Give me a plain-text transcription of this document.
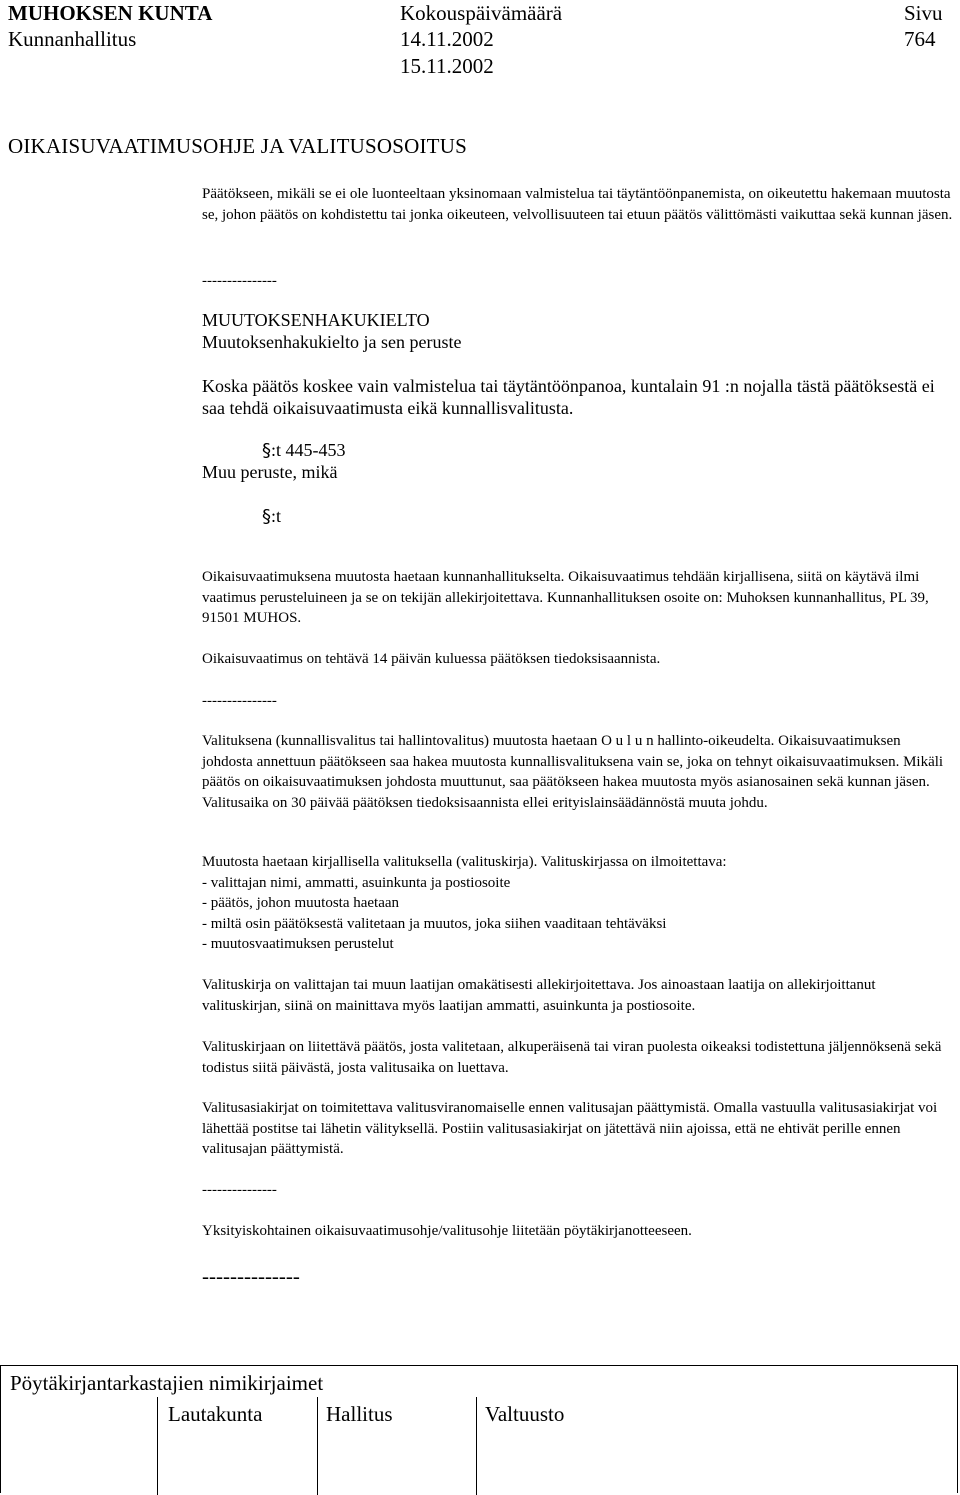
MUHOKSEN KUNTA
Kunnanhallitus
Kokouspäivämäärä
14.11.2002
15.11.2002
Sivu
764
OIKAISUVAATIMUSOHJE JA VALITUSOSOITUS

Päätökseen, mikäli se ei ole luonteeltaan yksinomaan valmistelua tai täytäntöönpanemista, on oikeutettu hakemaan muutosta se, johon päätös on kohdistettu tai jonka oikeuteen, velvollisuuteen tai etuun päätös välittömästi vaikuttaa sekä kunnan jäsen.

---------------
MUUTOKSENHAKUKIELTO
Muutoksenhakukielto ja sen peruste
Koska päätös koskee vain valmistelua tai täytäntöönpanoa, kuntalain 91 :n nojalla tästä päätöksestä ei saa tehdä oikaisuvaatimusta eikä kunnallisvalitusta.
§:t 445-453
Muu peruste, mikä
§:t

Oikaisuvaatimuksena muutosta haetaan kunnanhallitukselta. Oikaisuvaatimus tehdään kirjallisena, siitä on käytävä ilmi vaatimus perusteluineen ja se on tekijän allekirjoitettava. Kunnanhallituksen osoite on: Muhoksen kunnanhallitus, PL 39, 91501 MUHOS.

Oikaisuvaatimus on tehtävä 14 päivän kuluessa päätöksen tiedoksisaannista.

---------------

Valituksena (kunnallisvalitus tai hallintovalitus) muutosta haetaan O u l u n hallinto-oikeudelta. Oikaisuvaatimuksen johdosta annettuun päätökseen saa hakea muutosta kunnallisvalituksena vain se, joka on tehnyt oikaisuvaatimuksen. Mikäli päätös on oikaisuvaatimuksen johdosta muuttunut, saa päätökseen hakea muutosta myös asianosainen sekä kunnan jäsen. Valitusaika on 30 päivää päätöksen tiedoksisaannista ellei erityislainsäädännöstä muuta johdu.

Muutosta haetaan kirjallisella valituksella (valituskirja). Valituskirjassa on ilmoitettava:

- valittajan nimi, ammatti, asuinkunta ja postiosoite
- päätös, johon muutosta haetaan
- miltä osin päätöksestä valitetaan ja muutos, joka siihen vaaditaan tehtäväksi
- muutosvaatimuksen perustelut

Valituskirja on valittajan tai muun laatijan omakätisesti allekirjoitettava. Jos ainoastaan laatija on allekirjoittanut valituskirjan, siinä on mainittava myös laatijan ammatti, asuinkunta ja postiosoite.

Valituskirjaan on liitettävä päätös, josta valitetaan, alkuperäisenä tai viran puolesta oikeaksi todistettuna jäljennöksenä sekä todistus siitä päivästä, josta valitusaika on luettava.

Valitusasiakirjat on toimitettava valitusviranomaiselle ennen valitusajan päättymistä. Omalla vastuulla valitusasiakirjat voi lähettää postitse tai lähetin välityksellä. Postiin valitusasiakirjat on jätettävä niin ajoissa, että ne ehtivät perille ennen valitusajan päättymistä.

---------------

Yksityiskohtainen oikaisuvaatimusohje/valitusohje liitetään pöytäkirjanotteeseen.

--------------
Pöytäkirjantarkastajien nimikirjaimet
Lautakunta	Hallitus	Valtuusto
